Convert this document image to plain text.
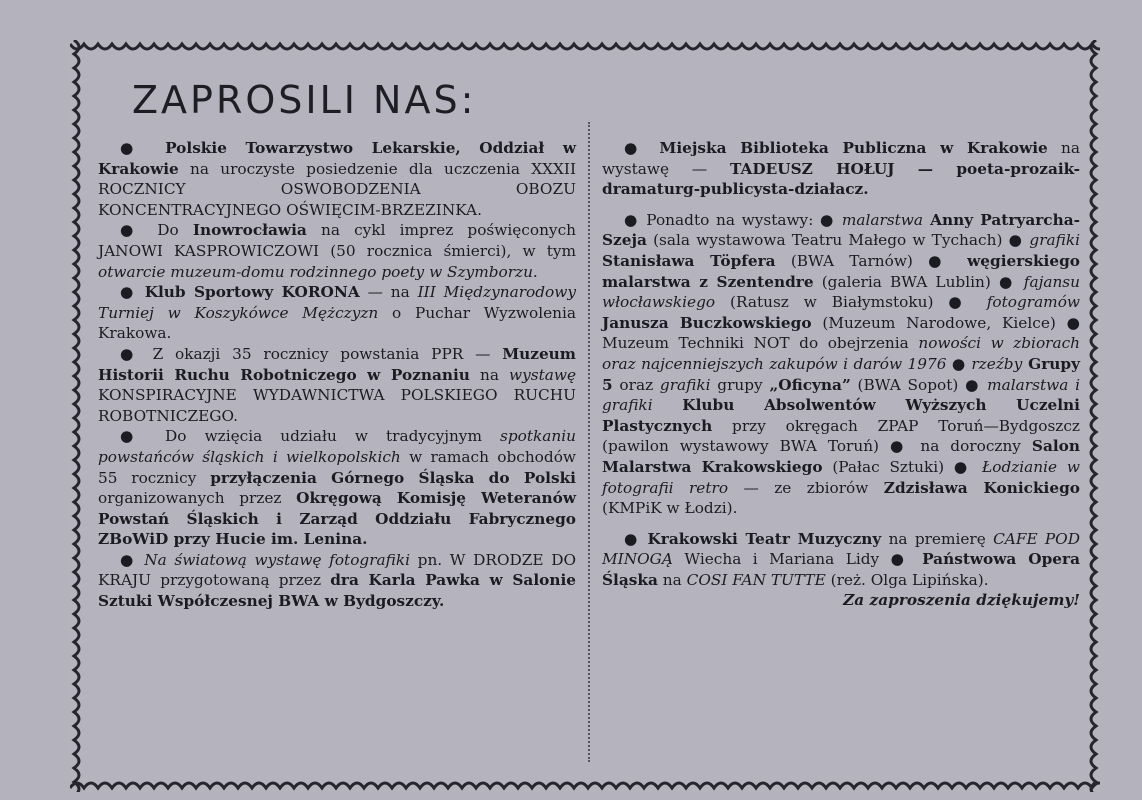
ZAPROSILI NAS:

● Polskie Towarzystwo Lekarskie, Oddział w Krakowie na uroczyste posiedzenie dla uczczenia XXXII ROCZNICY OSWOBODZENIA OBOZU KONCENTRACYJNEGO OŚWIĘCIM-BRZEZINKA.

● Do Inowrocławia na cykl imprez poświęconych JANOWI KASPROWICZOWI (50 rocznica śmierci), w tym otwarcie muzeum-domu rodzinnego poety w Szymborzu.

● Klub Sportowy KORONA — na III Międzynarodowy Turniej w Koszykówce Mężczyzn o Puchar Wyzwolenia Krakowa.

● Z okazji 35 rocznicy powstania PPR — Muzeum Historii Ruchu Robotniczego w Poznaniu na wystawę KONSPIRACYJNE WYDAWNICTWA POLSKIEGO RUCHU ROBOTNICZEGO.

● Do wzięcia udziału w tradycyjnym spotkaniu powstańców śląskich i wielkopolskich w ramach obchodów 55 rocznicy przyłączenia Górnego Śląska do Polski organizowanych przez Okręgową Komisję Weteranów Powstań Śląskich i Zarząd Oddziału Fabrycznego ZBoWiD przy Hucie im. Lenina.

● Na światową wystawę fotografiki pn. W DRODZE DO KRAJU przygotowaną przez dra Karla Pawka w Salonie Sztuki Współczesnej BWA w Bydgoszczy.

● Miejska Biblioteka Publiczna w Krakowie na wystawę — TADEUSZ HOŁUJ — poeta-prozaik-dramaturg-publicysta-działacz.

● Ponadto na wystawy: ● malarstwa Anny Patryarcha-Szeja (sala wystawowa Teatru Małego w Tychach) ● grafiki Stanisława Töpfera (BWA Tarnów) ● węgierskiego malarstwa z Szentendre (galeria BWA Lublin) ● fajansu włocławskiego (Ratusz w Białymstoku) ● fotogramów Janusza Buczkowskiego (Muzeum Narodowe, Kielce) ● Muzeum Techniki NOT do obejrzenia nowości w zbiorach oraz najcenniejszych zakupów i darów 1976 ● rzeźby Grupy 5 oraz grafiki grupy „Oficyna” (BWA Sopot) ● malarstwa i grafiki Klubu Absolwentów Wyższych Uczelni Plastycznych przy okręgach ZPAP Toruń—Bydgoszcz (pawilon wystawowy BWA Toruń) ● na doroczny Salon Malarstwa Krakowskiego (Pałac Sztuki) ● Łodzianie w fotografii retro — ze zbiorów Zdzisława Konickiego (KMPiK w Łodzi).

● Krakowski Teatr Muzyczny na premierę CAFE POD MINOGĄ Wiecha i Mariana Lidy ● Państwowa Opera Śląska na COSI FAN TUTTE (reż. Olga Lipińska).

Za zaproszenia dziękujemy!
